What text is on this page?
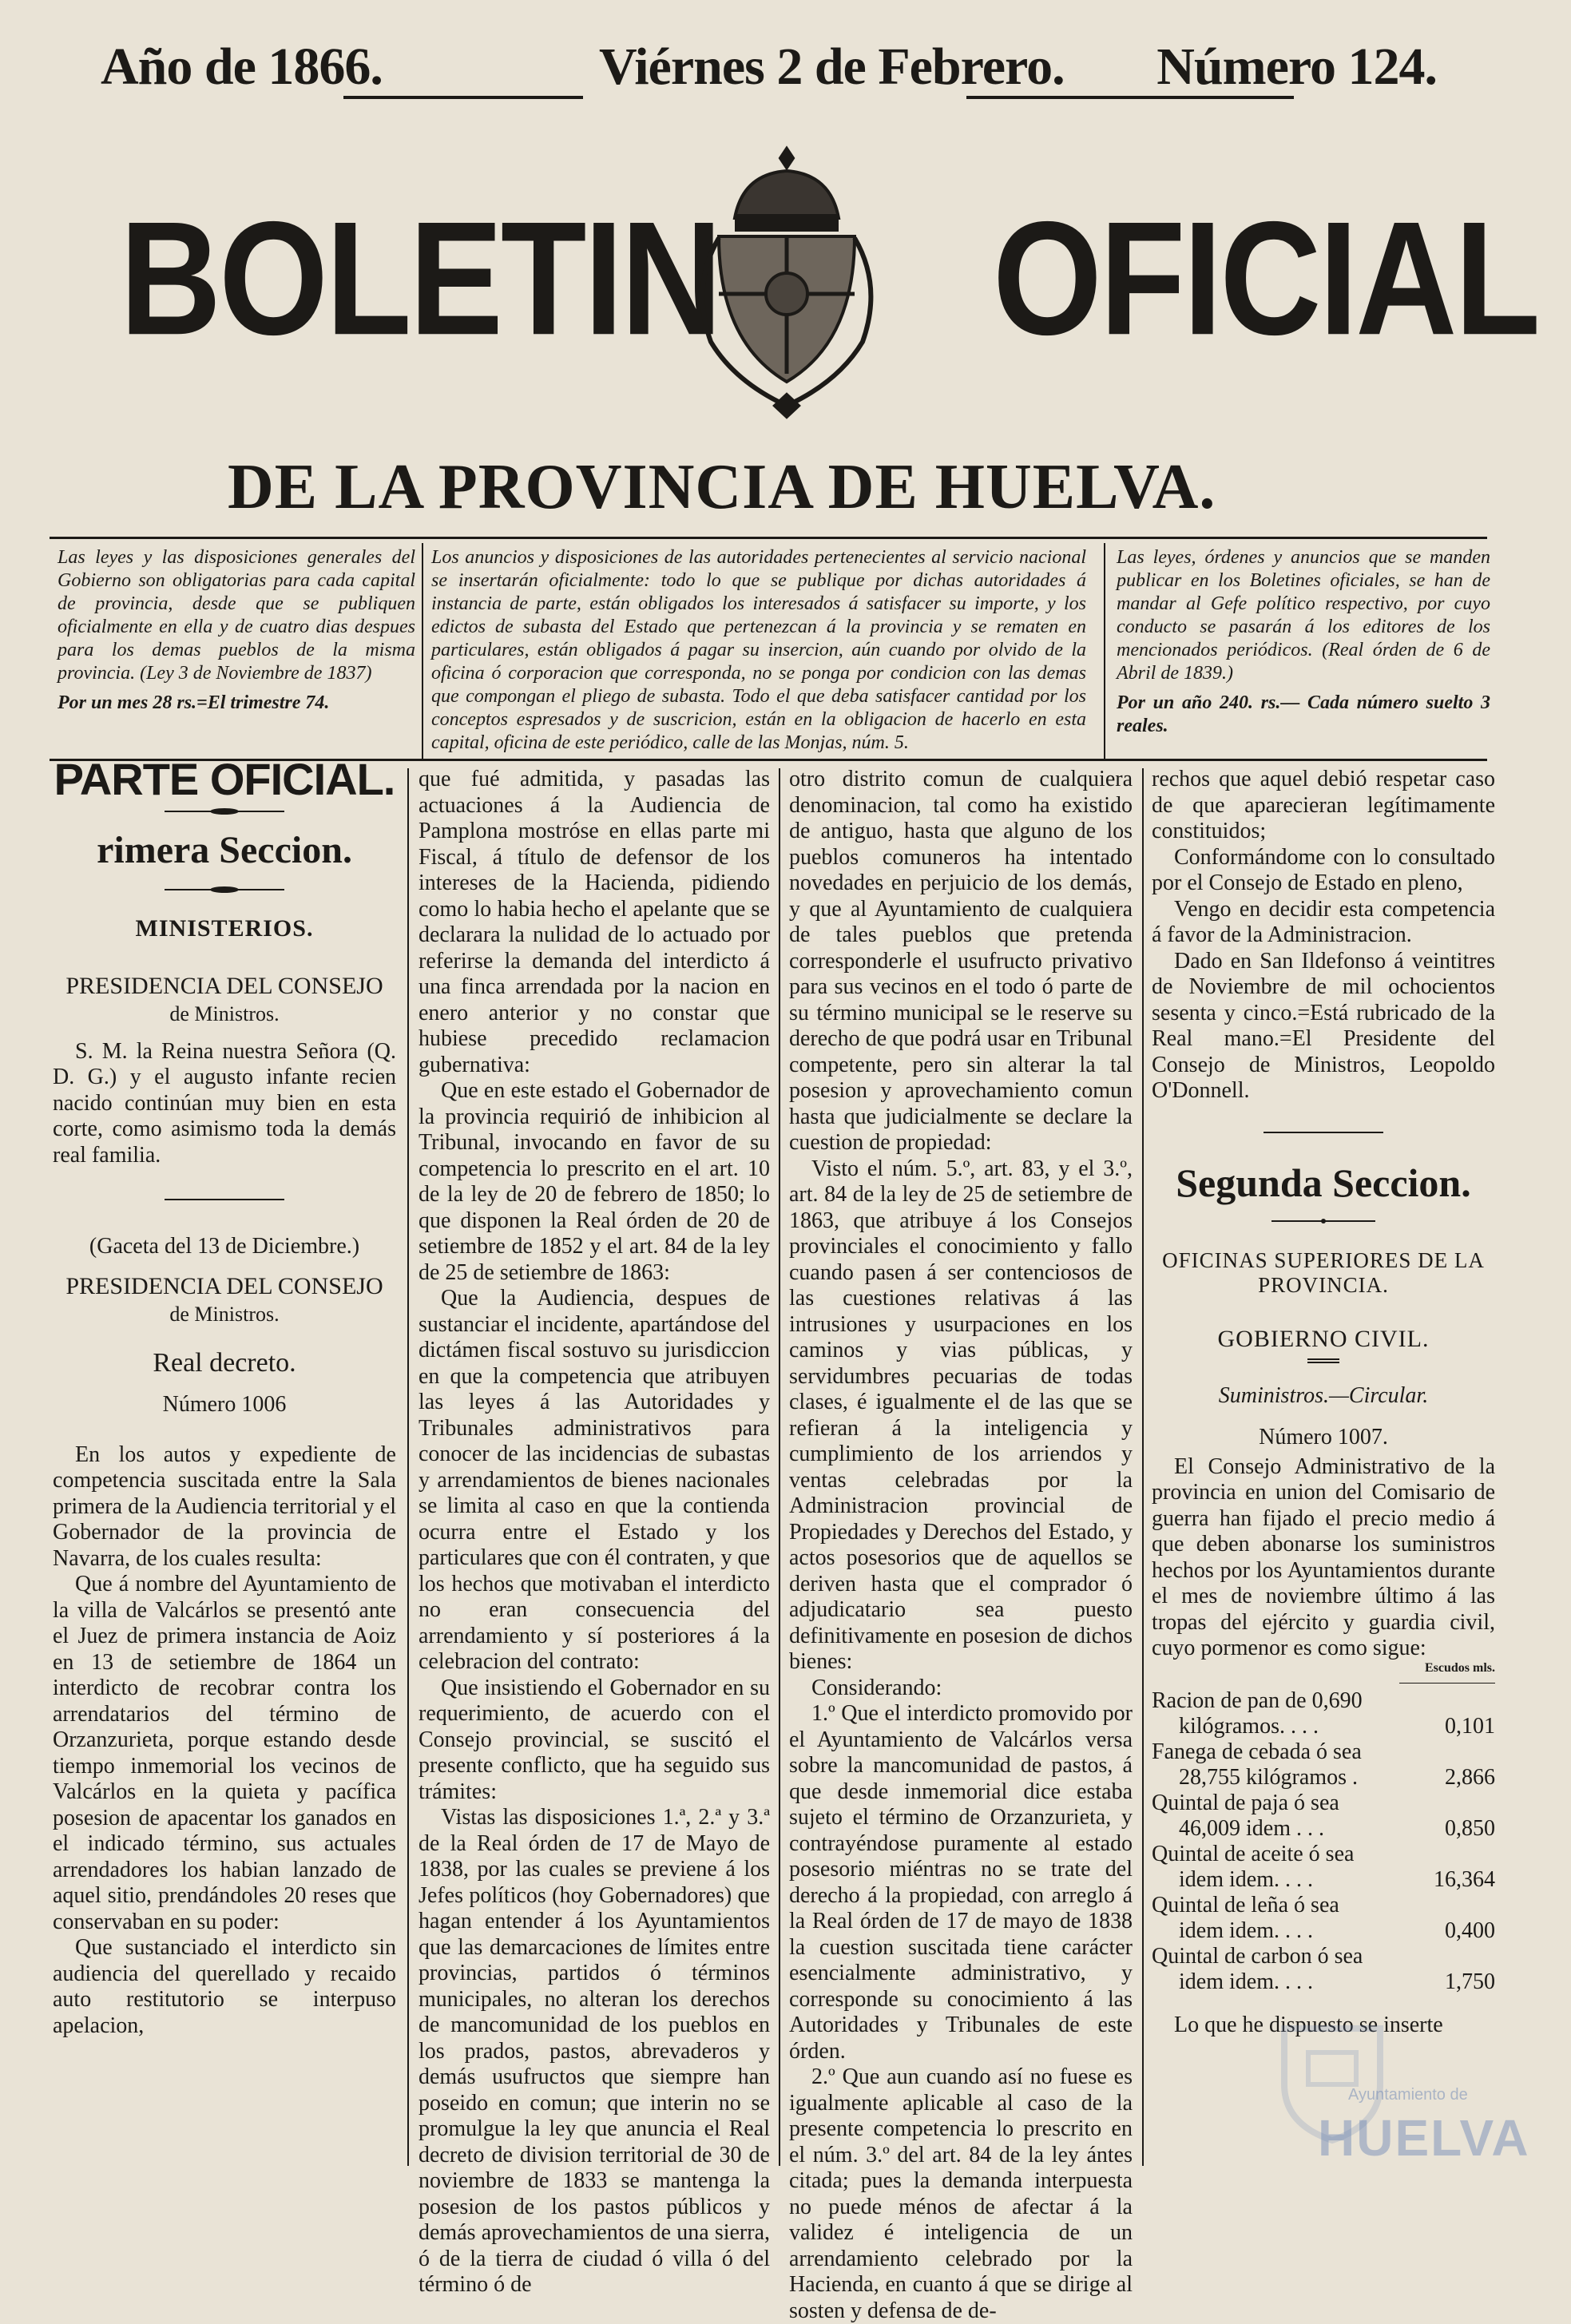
Año de 1866.	Viérnes 2 de Febrero. Número 124.
BOLETIN OFICIAL
DE LA PROVINCIA DE HUELVA.
Las leyes y las disposiciones generales del Gobierno son obligatorias para cada capital de provincia, desde que se publiquen oficialmente en ella y de cuatro dias despues para los demas pueblos de la misma provincia. (Ley 3 de Noviembre de 1837)
Por un mes 28 rs.=El trimestre 74.
Los anuncios y disposiciones de las autoridades pertenecientes al servicio nacional se insertarán oficialmente: todo lo que se publique por dichas autoridades á instancia de parte, están obligados los interesados á satisfacer su importe, y los edictos de subasta del Estado que pertenezcan á la provincia y se rematen en particulares, están obligados á pagar su insercion, aún cuando por olvido de la oficina ó corporacion que corresponda, no se ponga por condicion con las demas que compongan el pliego de subasta. Todo el que deba satisfacer cantidad por los conceptos espresados y de suscricion, están en la obligacion de hacerlo en esta capital, oficina de este periódico, calle de las Monjas, núm. 5.
Las leyes, órdenes y anuncios que se manden publicar en los Boletines oficiales, se han de mandar al Gefe político respectivo, por cuyo conducto se pasarán á los editores de los mencionados periódicos. (Real órden de 6 de Abril de 1839.)
Por un año 240. rs.— Cada número suelto 3 reales.
PARTE OFICIAL.
rimera Seccion.
MINISTERIOS.
PRESIDENCIA DEL CONSEJO
de Ministros.

S. M. la Reina nuestra Señora (Q. D. G.) y el augusto infante recien nacido continúan muy bien en esta corte, como asimismo toda la demás real familia.

(Gaceta del 13 de Diciembre.)
PRESIDENCIA DEL CONSEJO
de Ministros.
Real decreto.
Número 1006

En los autos y expediente de competencia suscitada entre la Sala primera de la Audiencia territorial y el Gobernador de la provincia de Navarra, de los cuales resulta:

Que á nombre del Ayuntamiento de la villa de Valcárlos se presentó ante el Juez de primera instancia de Aoiz en 13 de setiembre de 1864 un interdicto de recobrar contra los arrendatarios del término de Orzanzurieta, porque estando desde tiempo inmemorial los vecinos de Valcárlos en la quieta y pacífica posesion de apacentar los ganados en el indicado término, sus actuales arrendadores los habian lanzado de aquel sitio, prendándoles 20 reses que conservaban en su poder:

Que sustanciado el interdicto sin audiencia del querellado y recaido auto restitutorio se interpuso apelacion,

que fué admitida, y pasadas las actuaciones á la Audiencia de Pamplona mostróse en ellas parte mi Fiscal, á título de defensor de los intereses de la Hacienda, pidiendo como lo habia hecho el apelante que se declarara la nulidad de lo actuado por referirse la demanda del interdicto á una finca arrendada por la nacion en enero anterior y no constar que hubiese precedido reclamacion gubernativa:

Que en este estado el Gobernador de la provincia requirió de inhibicion al Tribunal, invocando en favor de su competencia lo prescrito en el art. 10 de la ley de 20 de febrero de 1850; lo que disponen la Real órden de 20 de setiembre de 1852 y el art. 84 de la ley de 25 de setiembre de 1863:

Que la Audiencia, despues de sustanciar el incidente, apartándose del dictámen fiscal sostuvo su jurisdiccion en que la competencia que atribuyen las leyes á las Autoridades y Tribunales administrativos para conocer de las incidencias de subastas y arrendamientos de bienes nacionales se limita al caso en que la contienda ocurra entre el Estado y los particulares que con él contraten, y que los hechos que motivaban el interdicto no eran consecuencia del arrendamiento y sí posteriores á la celebracion del contrato:

Que insistiendo el Gobernador en su requerimiento, de acuerdo con el Consejo provincial, se suscitó el presente conflicto, que ha seguido sus trámites:

Vistas las disposiciones 1.ª, 2.ª y 3.ª de la Real órden de 17 de Mayo de 1838, por las cuales se previene á los Jefes políticos (hoy Gobernadores) que hagan entender á los Ayuntamientos que las demarcaciones de límites entre provincias, partidos ó términos municipales, no alteran los derechos de mancomunidad de los pueblos en los prados, pastos, abrevaderos y demás usufructos que siempre han poseido en comun; que interin no se promulgue la ley que anuncia el Real decreto de division territorial de 30 de noviembre de 1833 se mantenga la posesion de los pastos públicos y demás aprovechamientos de una sierra, ó de la tierra de ciudad ó villa ó del término ó de

otro distrito comun de cualquiera denominacion, tal como ha existido de antiguo, hasta que alguno de los pueblos comuneros ha intentado novedades en perjuicio de los demás, y que al Ayuntamiento de cualquiera de tales pueblos que pretenda corresponderle el usufructo privativo para sus vecinos en el todo ó parte de su término municipal se le reserve su derecho de que podrá usar en Tribunal competente, pero sin alterar la tal posesion y aprovechamiento comun hasta que judicialmente se declare la cuestion de propiedad:

Visto el núm. 5.º, art. 83, y el 3.º, art. 84 de la ley de 25 de setiembre de 1863, que atribuye á los Consejos provinciales el conocimiento y fallo cuando pasen á ser contenciosos de las cuestiones relativas á las intrusiones y usurpaciones en los caminos y vias públicas, y servidumbres pecuarias de todas clases, é igualmente el de las que se refieran á la inteligencia y cumplimiento de los arriendos y ventas celebradas por la Administracion provincial de Propiedades y Derechos del Estado, y actos posesorios que de aquellos se deriven hasta que el comprador ó adjudicatario sea puesto definitivamente en posesion de dichos bienes:

Considerando:

1.º Que el interdicto promovido por el Ayuntamiento de Valcárlos versa sobre la mancomunidad de pastos, á que desde inmemorial dice estaba sujeto el término de Orzanzurieta, y contrayéndose puramente al estado posesorio miéntras no se trate del derecho á la propiedad, con arreglo á la Real órden de 17 de mayo de 1838 la cuestion suscitada tiene carácter esencialmente administrativo, y corresponde su conocimiento á las Autoridades y Tribunales de este órden.

2.º Que aun cuando así no fuese es igualmente aplicable al caso de la presente competencia lo prescrito en el núm. 3.º del art. 84 de la ley ántes citada; pues la demanda interpuesta no puede ménos de afectar á la validez é inteligencia de un arrendamiento celebrado por la Hacienda, en cuanto á que se dirige al sosten y defensa de de-

rechos que aquel debió respetar caso de que aparecieran legítimamente constituidos;

Conformándome con lo consultado por el Consejo de Estado en pleno,

Vengo en decidir esta competencia á favor de la Administracion.

Dado en San Ildefonso á veintitres de Noviembre de mil ochocientos sesenta y cinco.=Está rubricado de la Real mano.=El Presidente del Consejo de Ministros, Leopoldo O'Donnell.

Segunda Seccion.
OFICINAS SUPERIORES DE LA PROVINCIA.
GOBIERNO CIVIL.
Suministros.—Circular.
Número 1007.

El Consejo Administrativo de la provincia en union del Comisario de guerra han fijado el precio medio á que deben abonarse los suministros hechos por los Ayuntamientos durante el mes de noviembre último á las tropas del ejército y guardia civil, cuyo pormenor es como sigue:

Escudos mls.
Racion de pan de 0,690	
kilógramos. . . .	0,101
Fanega de cebada ó sea	
28,755 kilógramos .	2,866
Quintal de paja ó sea	
46,009 idem . . .	0,850
Quintal de aceite ó sea	
idem idem. . . .	16,364
Quintal de leña ó sea	
idem idem. . . .	0,400
Quintal de carbon ó sea	
idem idem. . . .	1,750

Lo que he dispuesto se inserte

Ayuntamiento de
HUELVA
